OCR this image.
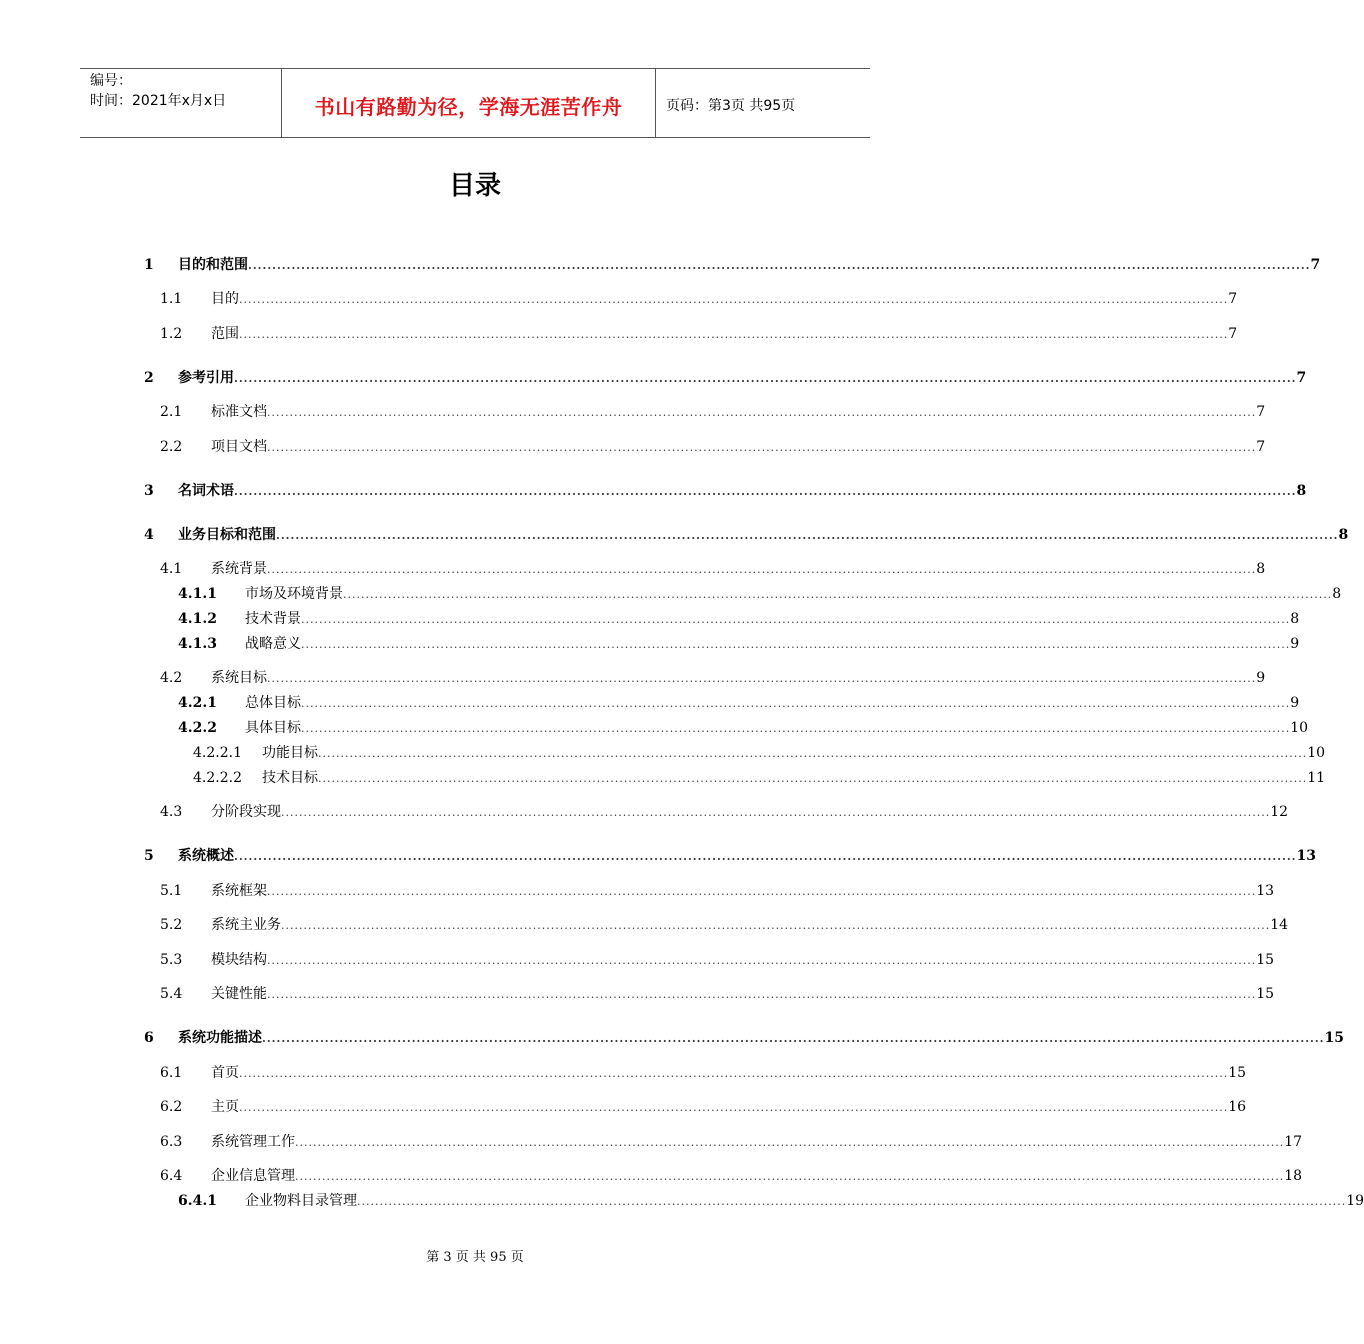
编号：
时间：2021年x月x日	书山有路勤为径，学海无涯苦作舟	页码：第3页 共95页
目录
1 目的和范围 ............................................................................................................................................................................................................................ 7
1.1 目的 ............................................................................................................................................................................................................................ 7
1.2 范围 ............................................................................................................................................................................................................................ 7
2 参考引用 ............................................................................................................................................................................................................................ 7
2.1 标准文档 ............................................................................................................................................................................................................................ 7
2.2 项目文档 ............................................................................................................................................................................................................................ 7
3 名词术语 ............................................................................................................................................................................................................................ 8
4 业务目标和范围 ............................................................................................................................................................................................................................ 8
4.1 系统背景 ............................................................................................................................................................................................................................ 8
4.1.1 市场及环境背景 ............................................................................................................................................................................................................................ 8
4.1.2 技术背景 ............................................................................................................................................................................................................................ 8
4.1.3 战略意义 ............................................................................................................................................................................................................................ 9
4.2 系统目标 ............................................................................................................................................................................................................................ 9
4.2.1 总体目标 ............................................................................................................................................................................................................................ 9
4.2.2 具体目标 ............................................................................................................................................................................................................................ 10
4.2.2.1 功能目标 ............................................................................................................................................................................................................................ 10
4.2.2.2 技术目标 ............................................................................................................................................................................................................................ 11
4.3 分阶段实现 ............................................................................................................................................................................................................................ 12
5 系统概述 ............................................................................................................................................................................................................................ 13
5.1 系统框架 ............................................................................................................................................................................................................................ 13
5.2 系统主业务 ............................................................................................................................................................................................................................ 14
5.3 模块结构 ............................................................................................................................................................................................................................ 15
5.4 关键性能 ............................................................................................................................................................................................................................ 15
6 系统功能描述 ............................................................................................................................................................................................................................ 15
6.1 首页 ............................................................................................................................................................................................................................ 15
6.2 主页 ............................................................................................................................................................................................................................ 16
6.3 系统管理工作 ............................................................................................................................................................................................................................ 17
6.4 企业信息管理 ............................................................................................................................................................................................................................ 18
6.4.1 企业物料目录管理 ............................................................................................................................................................................................................................ 19
第 3 页 共 95 页
